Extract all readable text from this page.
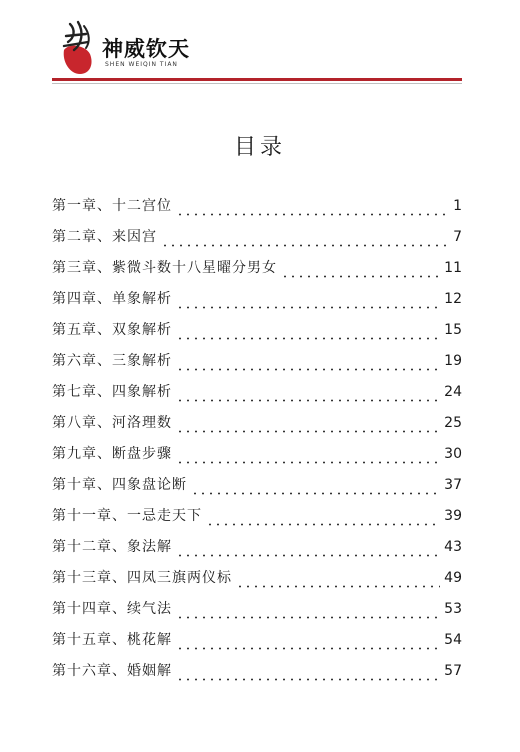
神威钦天
SHEN WEIQIN TIAN
目录
第一章、十二宫位	1
第二章、来因宫	7
第三章、紫微斗数十八星曜分男女	11
第四章、单象解析	12
第五章、双象解析	15
第六章、三象解析	19
第七章、四象解析	24
第八章、河洛理数	25
第九章、断盘步骤	30
第十章、四象盘论断	37
第十一章、一忌走天下	39
第十二章、象法解	43
第十三章、四凤三旗两仪标	49
第十四章、续气法	53
第十五章、桃花解	54
第十六章、婚姻解	57
